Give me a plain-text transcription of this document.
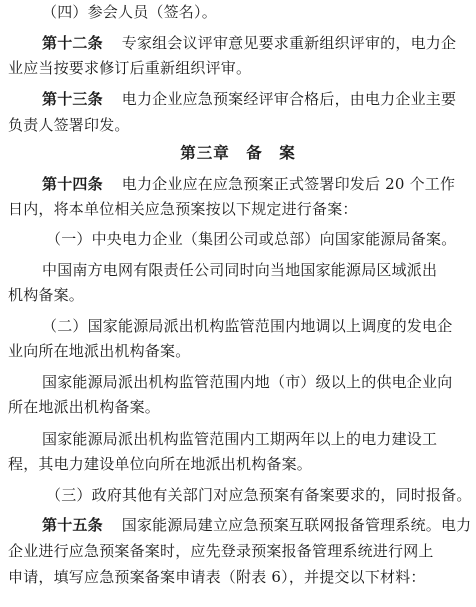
（四）参会人员（签名）。
第十二条 专家组会议评审意见要求重新组织评审的，电力企
业应当按要求修订后重新组织评审。
第十三条 电力企业应急预案经评审合格后，由电力企业主要
负责人签署印发。
第三章　备　案
第十四条 电力企业应在应急预案正式签署印发后 20 个工作
日内，将本单位相关应急预案按以下规定进行备案：
（一）中央电力企业（集团公司或总部）向国家能源局备案。
中国南方电网有限责任公司同时向当地国家能源局区域派出
机构备案。
（二）国家能源局派出机构监管范围内地调以上调度的发电企
业向所在地派出机构备案。
国家能源局派出机构监管范围内地（市）级以上的供电企业向
所在地派出机构备案。
国家能源局派出机构监管范围内工期两年以上的电力建设工
程，其电力建设单位向所在地派出机构备案。
（三）政府其他有关部门对应急预案有备案要求的，同时报备。
第十五条 国家能源局建立应急预案互联网报备管理系统。电力
企业进行应急预案备案时，应先登录预案报备管理系统进行网上
申请，填写应急预案备案申请表（附表 6），并提交以下材料：
